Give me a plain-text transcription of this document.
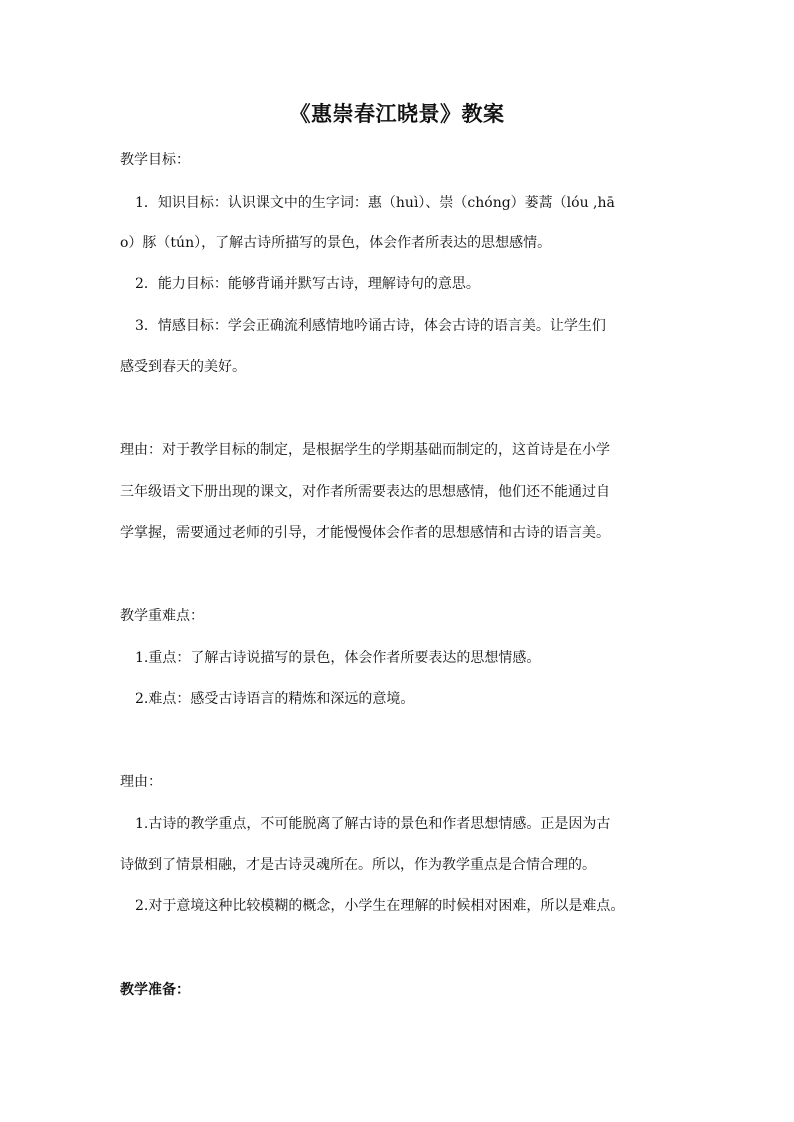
《惠崇春江晓景》教案

教学目标：

1．知识目标：认识课文中的生字词：惠（huì）、崇（chóng）蒌蒿（lóu ,hā

o）豚（tún），了解古诗所描写的景色，体会作者所表达的思想感情。

2．能力目标：能够背诵并默写古诗，理解诗句的意思。

3．情感目标：学会正确流利感情地吟诵古诗，体会古诗的语言美。让学生们

感受到春天的美好。

理由：对于教学目标的制定，是根据学生的学期基础而制定的，这首诗是在小学

三年级语文下册出现的课文，对作者所需要表达的思想感情，他们还不能通过自

学掌握，需要通过老师的引导，才能慢慢体会作者的思想感情和古诗的语言美。

教学重难点：

1.重点：了解古诗说描写的景色，体会作者所要表达的思想情感。

2.难点：感受古诗语言的精炼和深远的意境。

理由：

1.古诗的教学重点，不可能脱离了解古诗的景色和作者思想情感。正是因为古

诗做到了情景相融，才是古诗灵魂所在。所以，作为教学重点是合情合理的。

2.对于意境这种比较模糊的概念，小学生在理解的时候相对困难，所以是难点。

教学准备：
